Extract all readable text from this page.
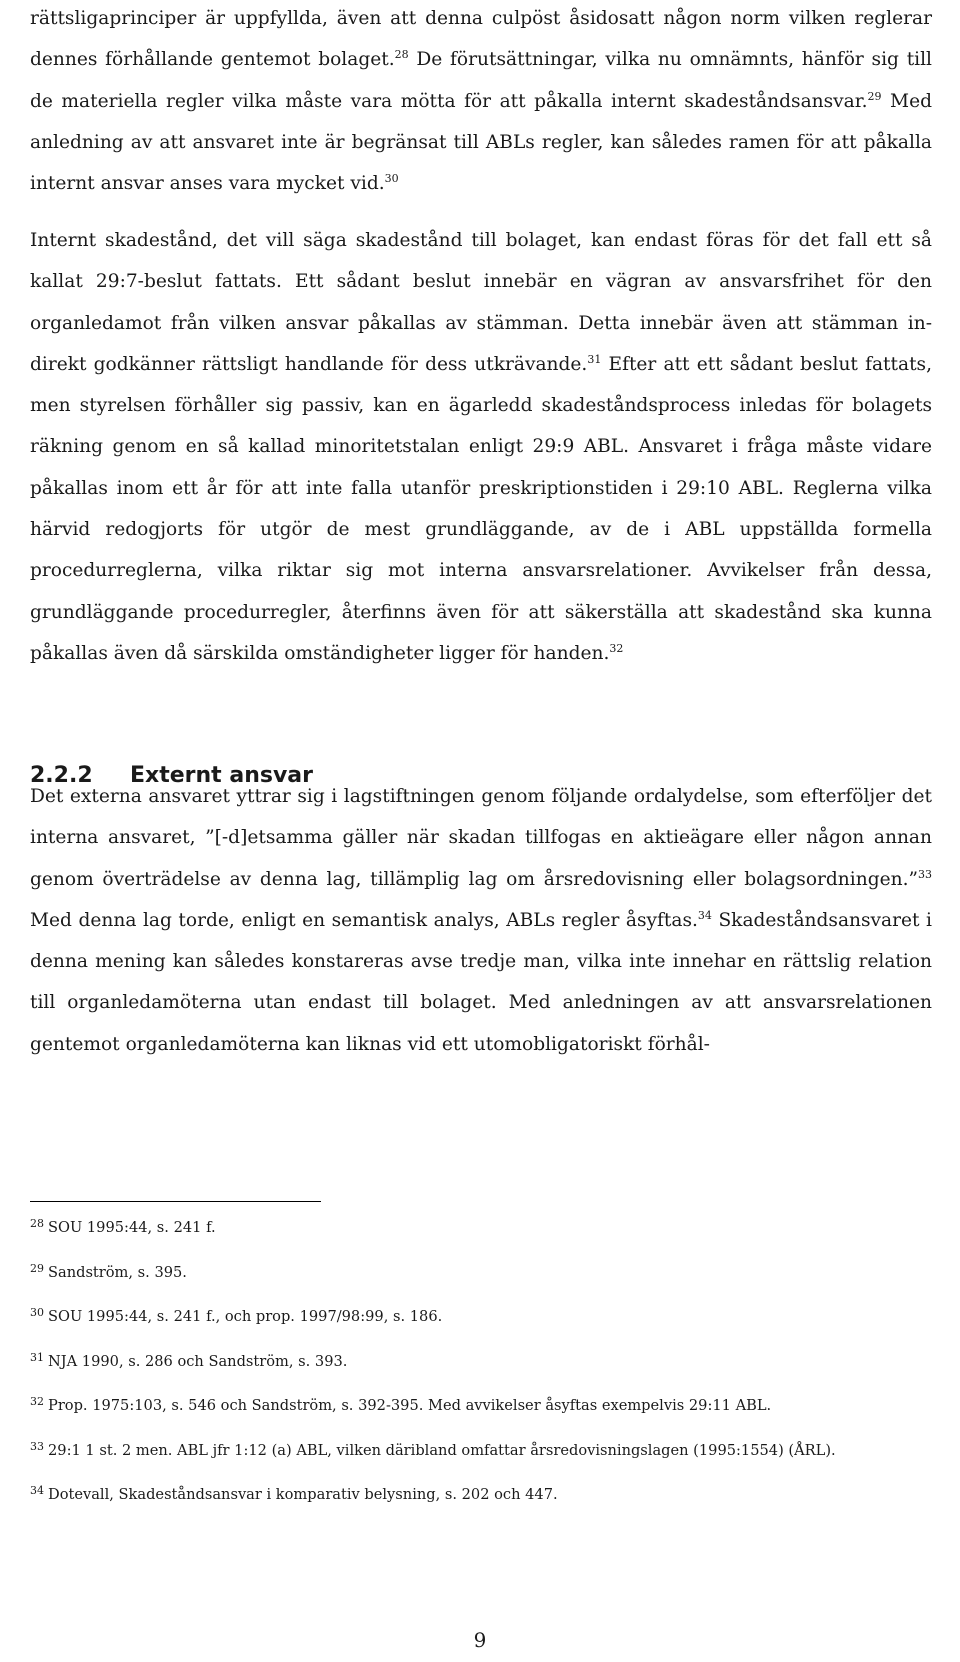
rättsligaprinciper är uppfyllda, även att denna culpöst åsidosatt någon norm vilken reglerar dennes förhållande gentemot bolaget.$^{28}$ De förutsättningar, vilka nu omnämnts, hänför sig till de materiella regler vilka måste vara mötta för att påkalla internt skadeståndsansvar.$^{29}$ Med anledning av att ansvaret inte är begränsat till ABLs regler, kan således ramen för att påkalla internt ansvar anses vara mycket vid.$^{30}$

Internt skadestånd, det vill säga skadestånd till bolaget, kan endast föras för det fall ett så kallat 29:7-beslut fattats. Ett sådant beslut innebär en vägran av ansvarsfrihet för den organledamot från vilken ansvar påkallas av stämman. Detta innebär även att stämman indirekt godkänner rättsligt handlande för dess utkrävande.$^{31}$ Efter att ett sådant beslut fattats, men styrelsen förhåller sig passiv, kan en ägarledd skadeståndsprocess inledas för bolagets räkning genom en så kallad minoritetstalan enligt 29:9 ABL. Ansvaret i fråga måste vidare påkallas inom ett år för att inte falla utanför preskriptionstiden i 29:10 ABL. Reglerna vilka härvid redogjorts för utgör de mest grundläggande, av de i ABL uppställda formella procedurreglerna, vilka riktar sig mot interna ansvarsrelationer. Avvikelser från dessa, grundläggande procedurregler, återfinns även för att säkerställa att skadestånd ska kunna påkallas även då särskilda omständigheter ligger för handen.$^{32}$

2.2.2 Externt ansvar

Det externa ansvaret yttrar sig i lagstiftningen genom följande ordalydelse, som efterföljer det interna ansvaret, ”[-d]etsamma gäller när skadan tillfogas en aktieägare eller någon annan genom överträdelse av denna lag, tillämplig lag om årsredovisning eller bolagsordningen.”$^{33}$ Med denna lag torde, enligt en semantisk analys, ABLs regler åsyftas.$^{34}$ Skadeståndsansvaret i denna mening kan således konstareras avse tredje man, vilka inte innehar en rättslig relation till organledamöterna utan endast till bolaget. Med anledningen av att ansvarsrelationen gentemot organledamöterna kan liknas vid ett utomobligatoriskt förhål-

$^{28}$ SOU 1995:44, s. 241 f.
$^{29}$ Sandström, s. 395.
$^{30}$ SOU 1995:44, s. 241 f., och prop. 1997/98:99, s. 186.
$^{31}$ NJA 1990, s. 286 och Sandström, s. 393.
$^{32}$ Prop. 1975:103, s. 546 och Sandström, s. 392-395. Med avvikelser åsyftas exempelvis 29:11 ABL.
$^{33}$ 29:1 1 st. 2 men. ABL jfr 1:12 (a) ABL, vilken däribland omfattar årsredovisningslagen (1995:1554) (ÅRL).
$^{34}$ Dotevall, Skadeståndsansvar i komparativ belysning, s. 202 och 447.
9
